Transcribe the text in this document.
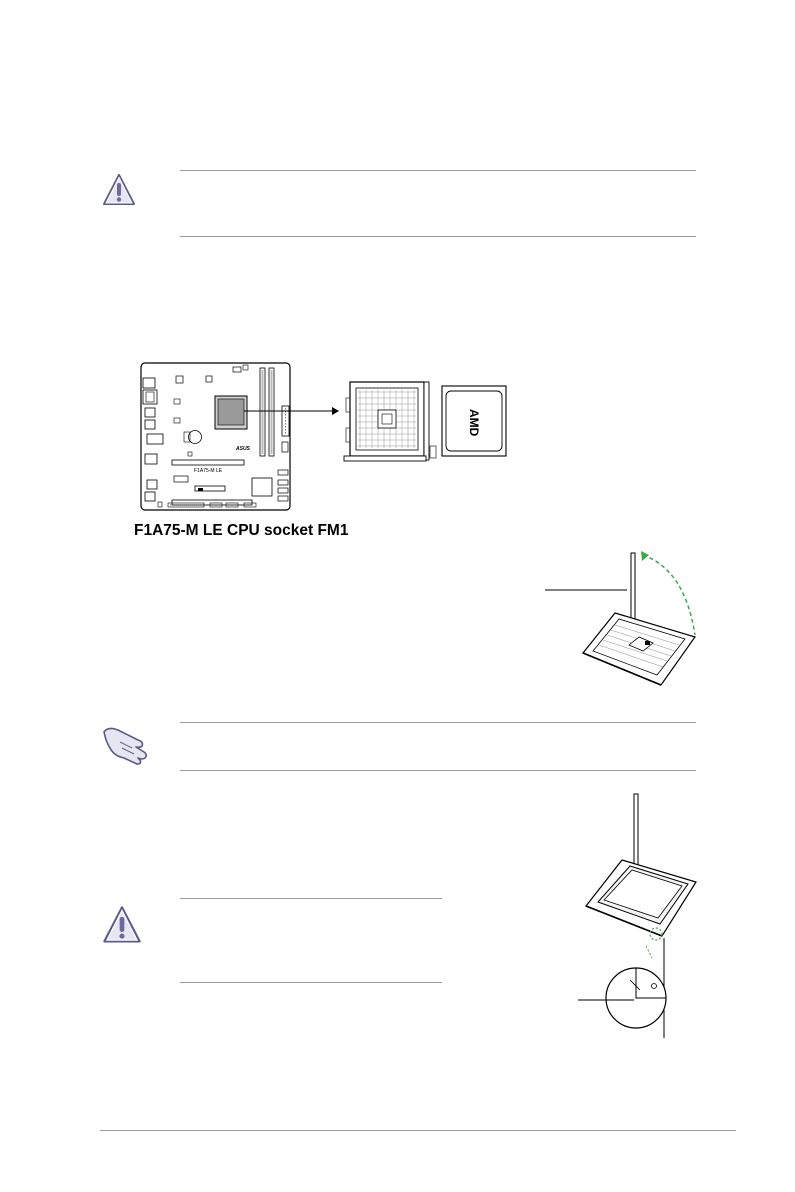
ASUS
F1A75-M LE
AMD
F1A75-M LE CPU socket FM1
